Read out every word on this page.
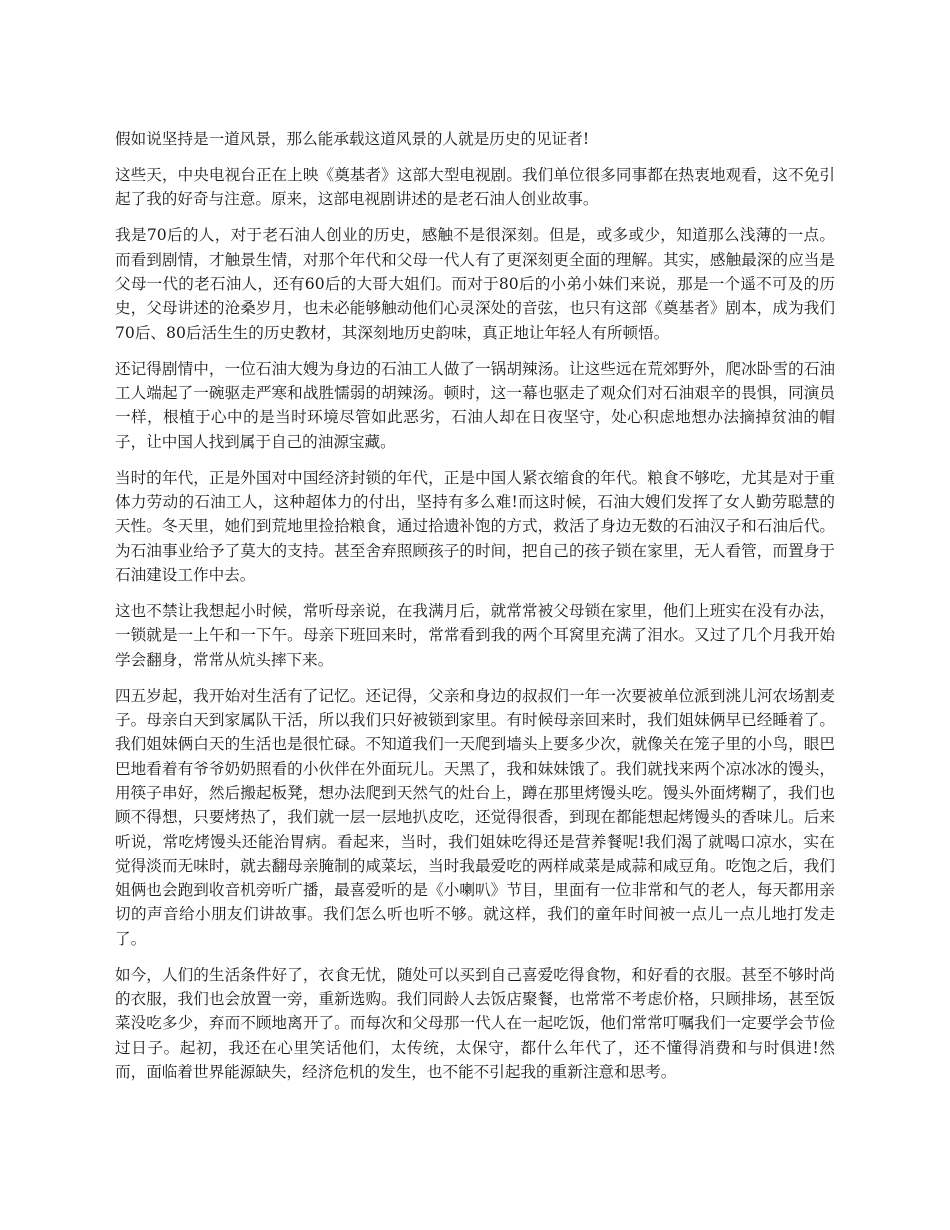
假如说坚持是一道风景，那么能承载这道风景的人就是历史的见证者!

这些天，中央电视台正在上映《奠基者》这部大型电视剧。我们单位很多同事都在热衷地观看，这不免引起了我的好奇与注意。原来，这部电视剧讲述的是老石油人创业故事。

我是70后的人，对于老石油人创业的历史，感触不是很深刻。但是，或多或少，知道那么浅薄的一点。而看到剧情，才触景生情，对那个年代和父母一代人有了更深刻更全面的理解。其实，感触最深的应当是父母一代的老石油人，还有60后的大哥大姐们。而对于80后的小弟小妹们来说，那是一个遥不可及的历史，父母讲述的沧桑岁月，也未必能够触动他们心灵深处的音弦，也只有这部《奠基者》剧本，成为我们70后、80后活生生的历史教材，其深刻地历史韵味，真正地让年轻人有所顿悟。

还记得剧情中，一位石油大嫂为身边的石油工人做了一锅胡辣汤。让这些远在荒郊野外，爬冰卧雪的石油工人端起了一碗驱走严寒和战胜懦弱的胡辣汤。顿时，这一幕也驱走了观众们对石油艰辛的畏惧，同演员一样，根植于心中的是当时环境尽管如此恶劣，石油人却在日夜坚守，处心积虑地想办法摘掉贫油的帽子，让中国人找到属于自己的油源宝藏。

当时的年代，正是外国对中国经济封锁的年代，正是中国人紧衣缩食的年代。粮食不够吃，尤其是对于重体力劳动的石油工人，这种超体力的付出，坚持有多么难!而这时候，石油大嫂们发挥了女人勤劳聪慧的天性。冬天里，她们到荒地里捡拾粮食，通过拾遗补饱的方式，救活了身边无数的石油汉子和石油后代。为石油事业给予了莫大的支持。甚至舍弃照顾孩子的时间，把自己的孩子锁在家里，无人看管，而置身于石油建设工作中去。

这也不禁让我想起小时候，常听母亲说，在我满月后，就常常被父母锁在家里，他们上班实在没有办法，一锁就是一上午和一下午。母亲下班回来时，常常看到我的两个耳窝里充满了泪水。又过了几个月我开始学会翻身，常常从炕头摔下来。

四五岁起，我开始对生活有了记忆。还记得，父亲和身边的叔叔们一年一次要被单位派到洮儿河农场割麦子。母亲白天到家属队干活，所以我们只好被锁到家里。有时候母亲回来时，我们姐妹俩早已经睡着了。我们姐妹俩白天的生活也是很忙碌。不知道我们一天爬到墙头上要多少次，就像关在笼子里的小鸟，眼巴巴地看着有爷爷奶奶照看的小伙伴在外面玩儿。天黑了，我和妹妹饿了。我们就找来两个凉冰冰的馒头，用筷子串好，然后搬起板凳，想办法爬到天然气的灶台上，蹲在那里烤馒头吃。馒头外面烤糊了，我们也顾不得想，只要烤热了，我们就一层一层地扒皮吃，还觉得很香，到现在都能想起烤馒头的香味儿。后来听说，常吃烤馒头还能治胃病。看起来，当时，我们姐妹吃得还是营养餐呢!我们渴了就喝口凉水，实在觉得淡而无味时，就去翻母亲腌制的咸菜坛，当时我最爱吃的两样咸菜是咸蒜和咸豆角。吃饱之后，我们姐俩也会跑到收音机旁听广播，最喜爱听的是《小喇叭》节目，里面有一位非常和气的老人，每天都用亲切的声音给小朋友们讲故事。我们怎么听也听不够。就这样，我们的童年时间被一点儿一点儿地打发走了。

如今，人们的生活条件好了，衣食无忧，随处可以买到自己喜爱吃得食物，和好看的衣服。甚至不够时尚的衣服，我们也会放置一旁，重新选购。我们同龄人去饭店聚餐，也常常不考虑价格，只顾排场，甚至饭菜没吃多少，弃而不顾地离开了。而每次和父母那一代人在一起吃饭，他们常常叮嘱我们一定要学会节俭过日子。起初，我还在心里笑话他们，太传统，太保守，都什么年代了，还不懂得消费和与时俱进!然而，面临着世界能源缺失，经济危机的发生，也不能不引起我的重新注意和思考。
